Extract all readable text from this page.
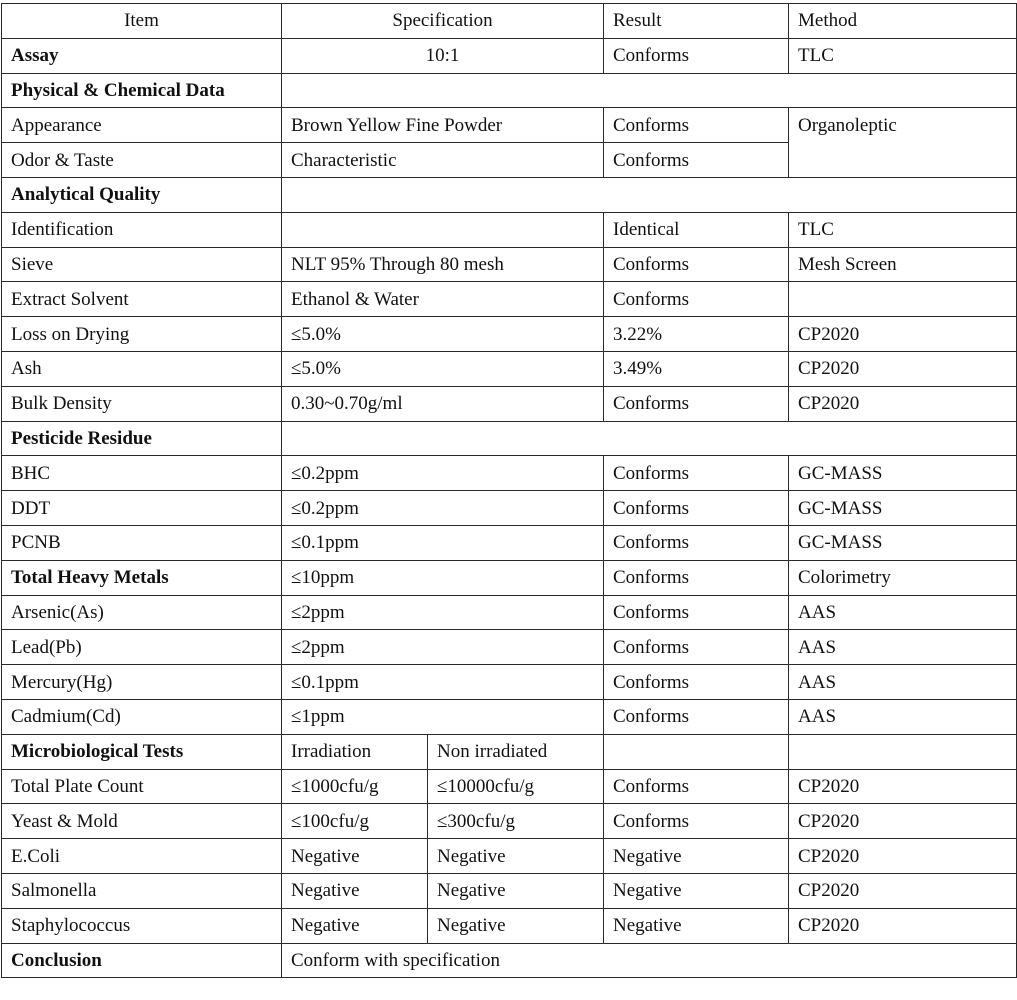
Item	Specification		Result	Method
Assay	10:1		Conforms	TLC
Physical & Chemical Data				
Appearance	Brown Yellow Fine Powder		Conforms	Organoleptic
Odor & Taste	Characteristic		Conforms	
Analytical Quality				
Identification			Identical	TLC
Sieve	NLT 95% Through 80 mesh		Conforms	Mesh Screen
Extract Solvent	Ethanol & Water		Conforms	
Loss on Drying	≤5.0%		3.22%	CP2020
Ash	≤5.0%		3.49%	CP2020
Bulk Density	0.30~0.70g/ml		Conforms	CP2020
Pesticide Residue				
BHC	≤0.2ppm		Conforms	GC-MASS
DDT	≤0.2ppm		Conforms	GC-MASS
PCNB	≤0.1ppm		Conforms	GC-MASS
Total Heavy Metals	≤10ppm		Conforms	Colorimetry
Arsenic(As)	≤2ppm		Conforms	AAS
Lead(Pb)	≤2ppm		Conforms	AAS
Mercury(Hg)	≤0.1ppm		Conforms	AAS
Cadmium(Cd)	≤1ppm		Conforms	AAS
Microbiological Tests	Irradiation	Non irradiated		
Total Plate Count	≤1000cfu/g	≤10000cfu/g	Conforms	CP2020
Yeast & Mold	≤100cfu/g	≤300cfu/g	Conforms	CP2020
E.Coli	Negative	Negative	Negative	CP2020
Salmonella	Negative	Negative	Negative	CP2020
Staphylococcus	Negative	Negative	Negative	CP2020
Conclusion	Conform with specification			
